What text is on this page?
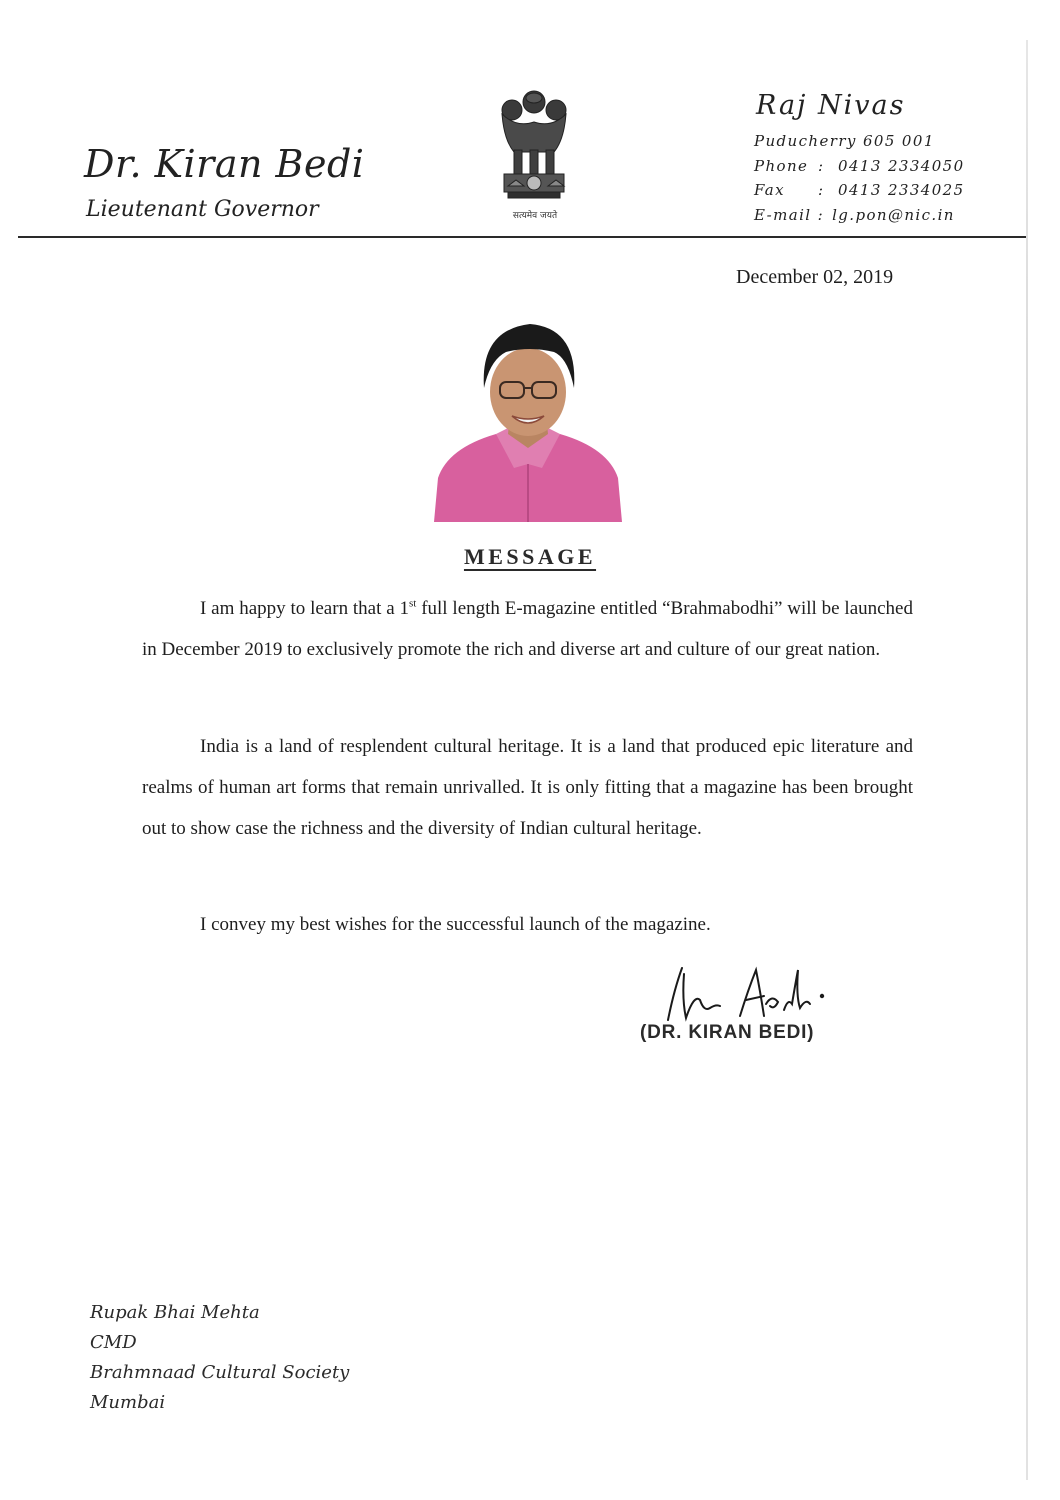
Dr. Kiran Bedi
Lieutenant Governor	सत्यमेव जयते
Raj Nivas
Puducherry 605 001
Phone : 0413 2334050
Fax	: 0413 2334025
E-mail : lg.pon@nic.in
December 02, 2019
MESSAGE
I am happy to learn that a 1st full length E-magazine entitled “Brahmabodhi” will be launched in December 2019 to exclusively promote the rich and diverse art and culture of our great nation.
India is a land of resplendent cultural heritage. It is a land that produced epic literature and realms of human art forms that remain unrivalled. It is only fitting that a magazine has been brought out to show case the richness and the diversity of Indian cultural heritage.
I convey my best wishes for the successful launch of the magazine.
(DR. KIRAN BEDI)
Rupak Bhai Mehta
CMD
Brahmnaad Cultural Society
Mumbai
